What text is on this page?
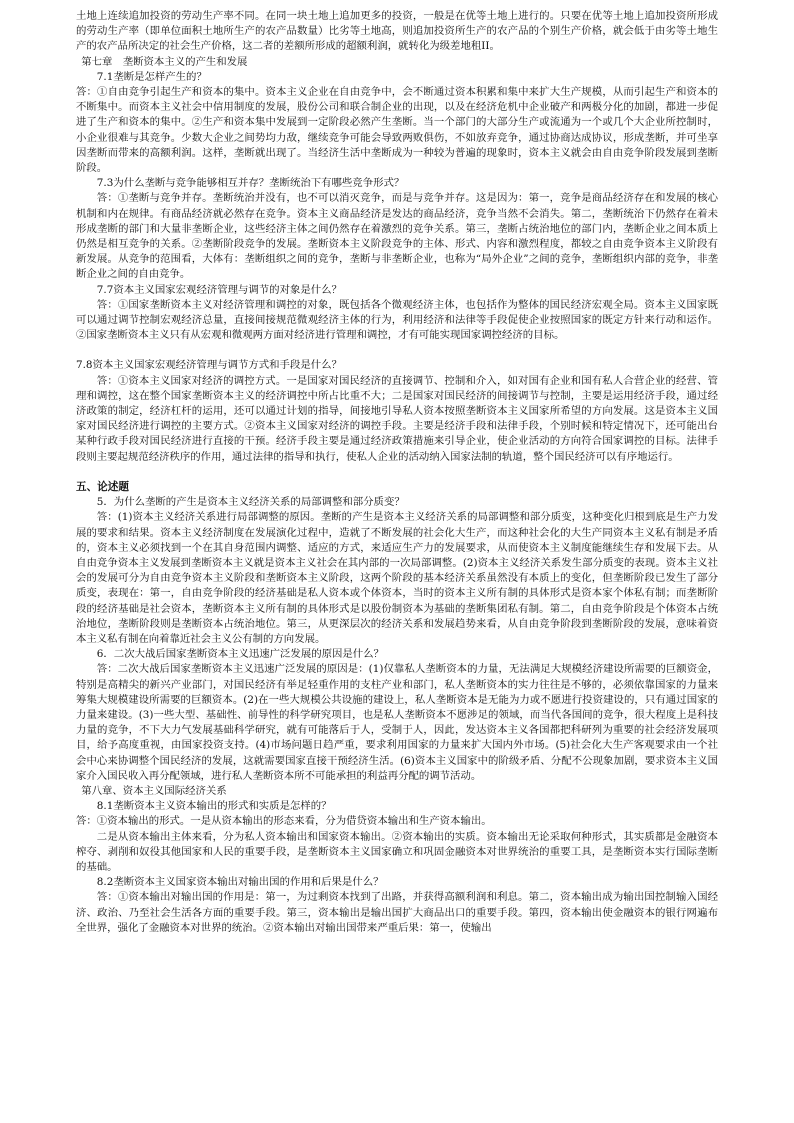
土地上连续追加投资的劳动生产率不同。在同一块土地上追加更多的投资，一般是在优等土地上进行的。只要在优等土地上追加投资所形成的劳动生产率（即单位面积土地所生产的农产品数量）比劣等土地高，则追加投资所生产的农产品的个别生产价格，就会低于由劣等土地生产的农产品所决定的社会生产价格，这二者的差额所形成的超额利润，就转化为级差地租II。

第七章　垄断资本主义的产生和发展

7.1垄断是怎样产生的？

答：①自由竞争引起生产和资本的集中。资本主义企业在自由竞争中，会不断通过资本积累和集中来扩大生产规模，从而引起生产和资本的不断集中。而资本主义社会中信用制度的发展，股份公司和联合制企业的出现，以及在经济危机中企业破产和两极分化的加剧，都进一步促进了生产和资本的集中。②生产和资本集中发展到一定阶段必然产生垄断。当一个部门的大部分生产或流通为一个或几个大企业所控制时，小企业很难与其竞争。少数大企业之间势均力敌，继续竞争可能会导致两败俱伤，不如放弃竞争，通过协商达成协议，形成垄断，并可坐享因垄断而带来的高额利润。这样，垄断就出现了。当经济生活中垄断成为一种较为普遍的现象时，资本主义就会由自由竞争阶段发展到垄断阶段。

7.3为什么垄断与竞争能够相互并存？垄断统治下有哪些竞争形式？

答：①垄断与竞争并存。垄断统治并没有，也不可以消灭竞争，而是与竞争并存。这是因为：第一，竞争是商品经济存在和发展的核心机制和内在规律。有商品经济就必然存在竞争。资本主义商品经济是发达的商品经济，竞争当然不会消失。第二，垄断统治下仍然存在着未形成垄断的部门和大量非垄断企业，这些经济主体之间仍然存在着激烈的竞争关系。第三，垄断占统治地位的部门内，垄断企业之间本质上仍然是相互竞争的关系。②垄断阶段竞争的发展。垄断资本主义阶段竞争的主体、形式、内容和激烈程度，都较之自由竞争资本主义阶段有新发展。从竞争的范围看，大体有：垄断组织之间的竞争，垄断与非垄断企业，也称为“局外企业”之间的竞争，垄断组织内部的竞争，非垄断企业之间的自由竞争。

7.7资本主义国家宏观经济管理与调节的对象是什么？

答：①国家垄断资本主义对经济管理和调控的对象，既包括各个微观经济主体，也包括作为整体的国民经济宏观全局。资本主义国家既可以通过调节控制宏观经济总量，直接间接规范微观经济主体的行为，利用经济和法律等手段促使企业按照国家的既定方针来行动和运作。②国家垄断资本主义只有从宏观和微观两方面对经济进行管理和调控，才有可能实现国家调控经济的目标。

7.8资本主义国家宏观经济管理与调节方式和手段是什么？

答：①资本主义国家对经济的调控方式。一是国家对国民经济的直接调节、控制和介入，如对国有企业和国有私人合营企业的经营、管理和调控，这在整个国家垄断资本主义的经济调控中所占比重不大；二是国家对国民经济的间接调节与控制，主要是运用经济手段，通过经济政策的制定，经济杠杆的运用，还可以通过计划的指导，间接地引导私人资本按照垄断资本主义国家所希望的方向发展。这是资本主义国家对国民经济进行调控的主要方式。②资本主义国家对经济的调控手段。主要是经济手段和法律手段，个别时候和特定情况下，还可能出台某种行政手段对国民经济进行直接的干预。经济手段主要是通过经济政策措施来引导企业，使企业活动的方向符合国家调控的目标。法律手段则主要起规范经济秩序的作用，通过法律的指导和执行，使私人企业的活动纳入国家法制的轨道，整个国民经济可以有序地运行。

五、论述题

5．为什么垄断的产生是资本主义经济关系的局部调整和部分质变？

答：(1)资本主义经济关系进行局部调整的原因。垄断的产生是资本主义经济关系的局部调整和部分质变，这种变化归根到底是生产力发展的要求和结果。资本主义经济制度在发展演化过程中，造就了不断发展的社会化大生产，而这种社会化的大生产同资本主义私有制是矛盾的，资本主义必须找到一个在其自身范围内调整、适应的方式，来适应生产力的发展要求，从而使资本主义制度能继续生存和发展下去。从自由竞争资本主义发展到垄断资本主义就是资本主义社会在其内部的一次局部调整。(2)资本主义经济关系发生部分质变的表现。资本主义社会的发展可分为自由竞争资本主义阶段和垄断资本主义阶段，这两个阶段的基本经济关系虽然没有本质上的变化，但垄断阶段已发生了部分质变，表现在：第一，自由竞争阶段的经济基础是私人资本或个体资本，当时的资本主义所有制的具体形式是资本家个体私有制；而垄断阶段的经济基础是社会资本，垄断资本主义所有制的具体形式是以股份制资本为基础的垄断集团私有制。第二，自由竞争阶段是个体资本占统治地位，垄断阶段则是垄断资本占统治地位。第三，从更深层次的经济关系和发展趋势来看，从自由竞争阶段到垄断阶段的发展，意味着资本主义私有制在向着靠近社会主义公有制的方向发展。

6．二次大战后国家垄断资本主义迅速广泛发展的原因是什么？

答：二次大战后国家垄断资本主义迅速广泛发展的原因是：(1)仅靠私人垄断资本的力量，无法满足大规模经济建设所需要的巨额资金，特别是高精尖的新兴产业部门，对国民经济有举足轻重作用的支柱产业和部门，私人垄断资本的实力往往是不够的，必须依靠国家的力量来筹集大规模建设所需要的巨额资本。(2)在一些大规模公共设施的建设上，私人垄断资本是无能为力或不愿进行投资建设的，只有通过国家的力量来建设。(3)一些大型、基础性、前导性的科学研究项目，也是私人垄断资本不愿涉足的领域，而当代各国间的竞争，很大程度上是科技力量的竞争，不下大力气发展基础科学研究，就有可能落后于人，受制于人，因此，发达资本主义各国都把科研列为重要的社会经济发展项目，给予高度重视，由国家投资支持。(4)市场问题日趋严重，要求利用国家的力量来扩大国内外市场。(5)社会化大生产客观要求由一个社会中心来协调整个国民经济的发展，这就需要国家直接干预经济生活。(6)资本主义国家中的阶级矛盾、分配不公现象加剧，要求资本主义国家介入国民收入再分配领域，进行私人垄断资本所不可能承担的利益再分配的调节活动。

第八章、资本主义国际经济关系

8.1垄断资本主义资本输出的形式和实质是怎样的？

答：①资本输出的形式。一是从资本输出的形态来看，分为借贷资本输出和生产资本输出。

二是从资本输出主体来看，分为私人资本输出和国家资本输出。②资本输出的实质。资本输出无论采取何种形式，其实质都是金融资本榨夺、剥削和奴役其他国家和人民的重要手段，是垄断资本主义国家确立和巩固金融资本对世界统治的重要工具，是垄断资本实行国际垄断的基础。

8.2垄断资本主义国家资本输出对输出国的作用和后果是什么？

答：①资本输出对输出国的作用是：第一，为过剩资本找到了出路，并获得高额利润和利息。第二，资本输出成为输出国控制输入国经济、政治、乃至社会生活各方面的重要手段。第三，资本输出是输出国扩大商品出口的重要手段。第四，资本输出使金融资本的银行网遍布全世界，强化了金融资本对世界的统治。②资本输出对输出国带来严重后果：第一，使输出
